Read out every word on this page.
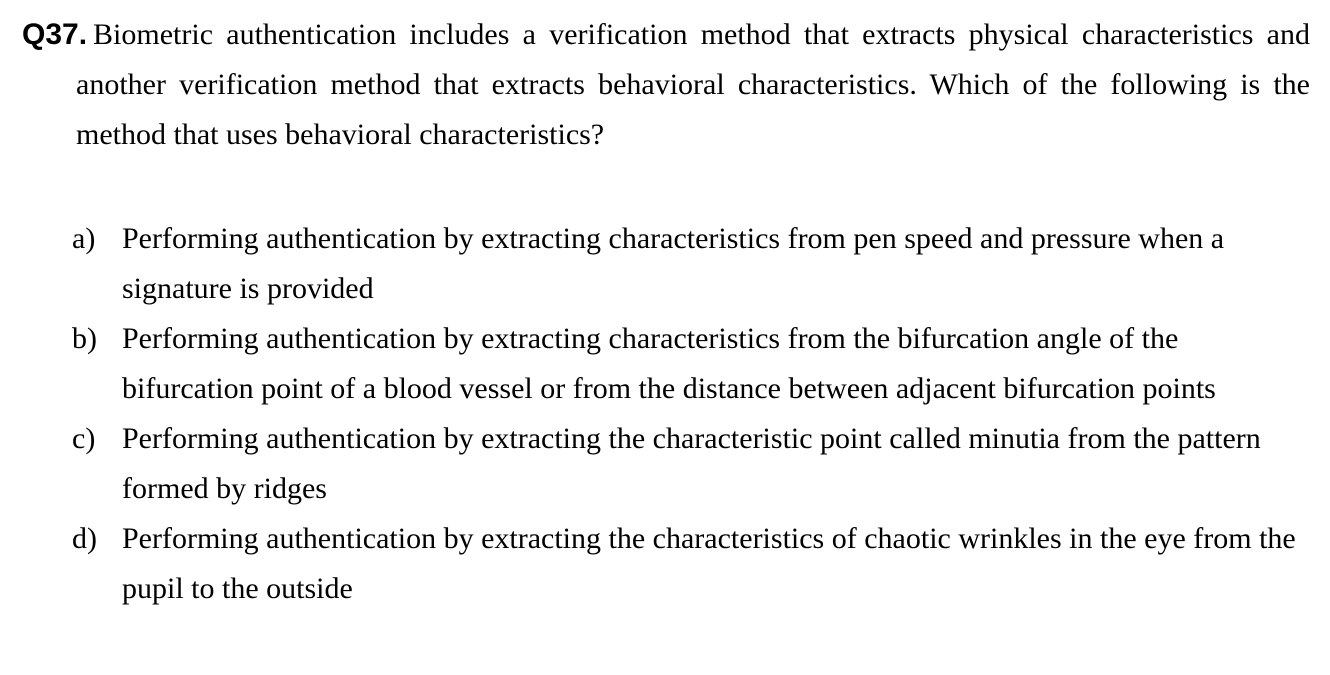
Q37. Biometric authentication includes a verification method that extracts physical characteristics and another verification method that extracts behavioral characteristics. Which of the following is the method that uses behavioral characteristics?
a) Performing authentication by extracting characteristics from pen speed and pressure when a signature is provided
b) Performing authentication by extracting characteristics from the bifurcation angle of the bifurcation point of a blood vessel or from the distance between adjacent bifurcation points
c) Performing authentication by extracting the characteristic point called minutia from the pattern formed by ridges
d) Performing authentication by extracting the characteristics of chaotic wrinkles in the eye from the pupil to the outside
